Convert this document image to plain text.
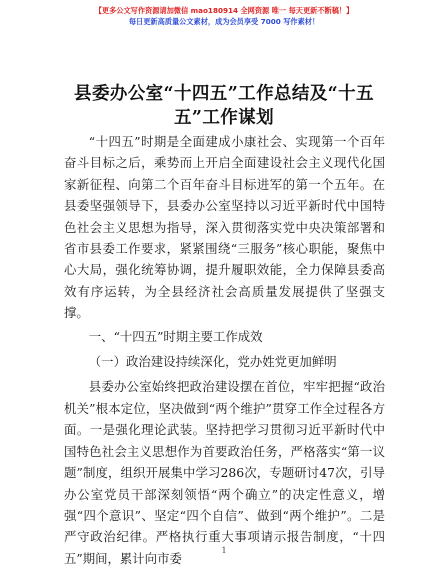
【更多公文写作资源请加微信 mao180914 全网资源 唯一 每天更新不断稿！】
每日更新高质量公文素材，成为会员享受 7000 写作素材！
县委办公室“十四五”工作总结及“十五五”工作谋划

“十四五”时期是全面建成小康社会、实现第一个百年奋斗目标之后，乘势而上开启全面建设社会主义现代化国家新征程、向第二个百年奋斗目标进军的第一个五年。在县委坚强领导下，县委办公室坚持以习近平新时代中国特色社会主义思想为指导，深入贯彻落实党中央决策部署和省市县委工作要求，紧紧围绕“三服务”核心职能，聚焦中心大局，强化统筹协调，提升履职效能，全力保障县委高效有序运转，为全县经济社会高质量发展提供了坚强支撑。

一、“十四五”时期主要工作成效

（一）政治建设持续深化，党办姓党更加鲜明

县委办公室始终把政治建设摆在首位，牢牢把握“政治机关”根本定位，坚决做到“两个维护”贯穿工作全过程各方面。一是强化理论武装。坚持把学习贯彻习近平新时代中国特色社会主义思想作为首要政治任务，严格落实“第一议题”制度，组织开展集中学习286次，专题研讨47次，引导办公室党员干部深刻领悟“两个确立”的决定性意义，增强“四个意识”、坚定“四个自信”、做到“两个维护”。二是严守政治纪律。严格执行重大事项请示报告制度，“十四五”期间，累计向市委

1
